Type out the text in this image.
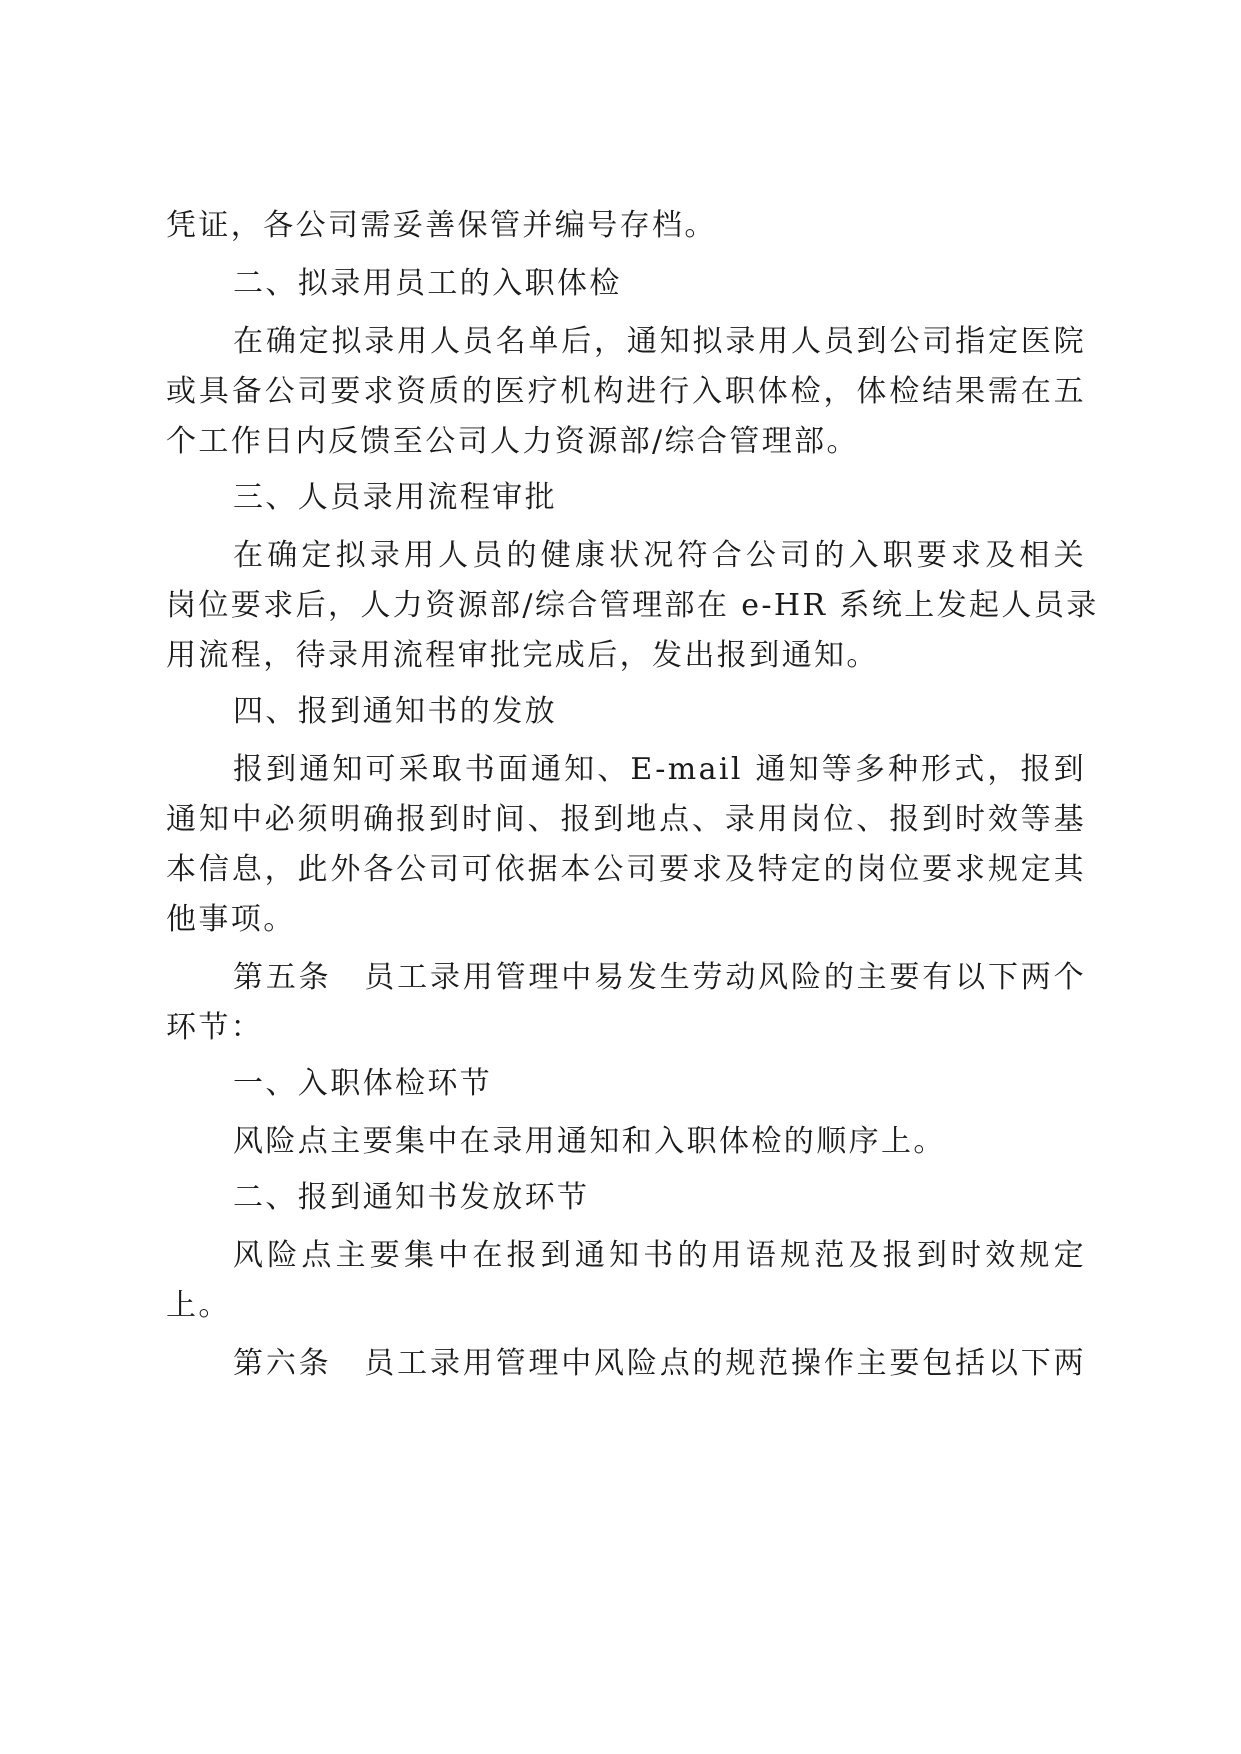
凭证，各公司需妥善保管并编号存档。
二、拟录用员工的入职体检
在确定拟录用人员名单后，通知拟录用人员到公司指定医院
或具备公司要求资质的医疗机构进行入职体检，体检结果需在五
个工作日内反馈至公司人力资源部/综合管理部。
三、人员录用流程审批
在确定拟录用人员的健康状况符合公司的入职要求及相关
岗位要求后，人力资源部/综合管理部在 e-HR 系统上发起人员录
用流程，待录用流程审批完成后，发出报到通知。
四、报到通知书的发放
报到通知可采取书面通知、E-mail 通知等多种形式，报到
通知中必须明确报到时间、报到地点、录用岗位、报到时效等基
本信息，此外各公司可依据本公司要求及特定的岗位要求规定其
他事项。
第五条　员工录用管理中易发生劳动风险的主要有以下两个
环节：
一、入职体检环节
风险点主要集中在录用通知和入职体检的顺序上。
二、报到通知书发放环节
风险点主要集中在报到通知书的用语规范及报到时效规定
上。
第六条　员工录用管理中风险点的规范操作主要包括以下两
